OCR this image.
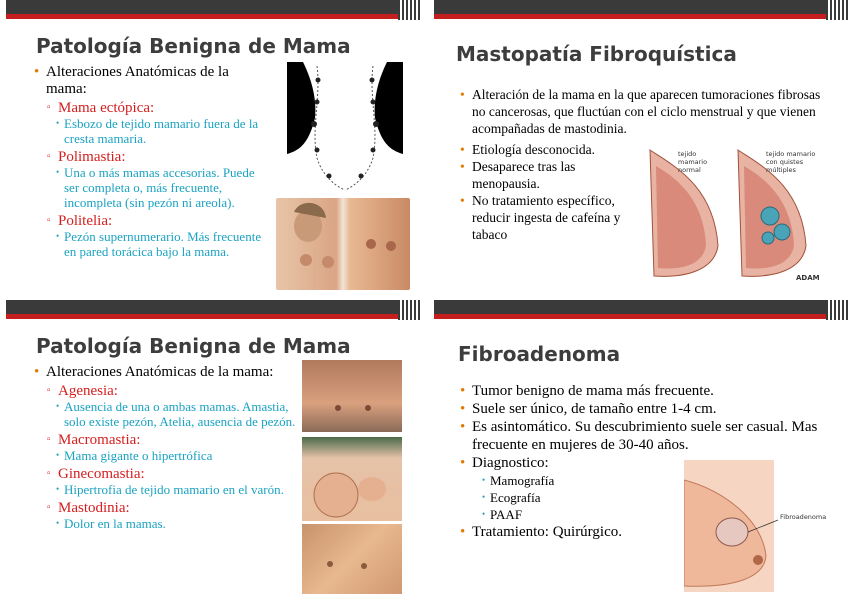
Patología Benigna de Mama
• Alteraciones Anatómicas de la mama:
▫ Mama ectópica:
• Esbozo de tejido mamario fuera de la cresta mamaria.
▫ Polimastia:
• Una o más mamas accesorias. Puede ser completa o, más frecuente, incompleta (sin pezón ni areola).
▫ Politelia:
• Pezón supernumerario. Más frecuente en pared torácica bajo la mama.
Mastopatía Fibroquística
• Alteración de la mama en la que aparecen tumoraciones fibrosas no cancerosas, que fluctúan con el ciclo menstrual y que vienen acompañadas de mastodinia.
• Etiología desconocida.
• Desaparece tras las menopausia.
• No tratamiento específico, reducir ingesta de cafeína y tabaco
tejido mamario normal
tejido mamario con quistes múltiples
ADAM
Patología Benigna de Mama
• Alteraciones Anatómicas de la mama:
▫ Agenesia:
• Ausencia de una o ambas mamas. Amastia, solo existe pezón, Atelia, ausencia de pezón.
▫ Macromastia:
• Mama gigante o hipertrófica
▫ Ginecomastia:
• Hipertrofia de tejido mamario en el varón.
▫ Mastodinia:
• Dolor en la mamas.
Fibroadenoma
• Tumor benigno de mama más frecuente.
• Suele ser único, de tamaño entre 1-4 cm.
• Es asintomático. Su descubrimiento suele ser casual. Mas frecuente en mujeres de 30-40 años.
• Diagnostico:
• Mamografía
• Ecografía
• PAAF
• Tratamiento: Quirúrgico.
Fibroadenoma
